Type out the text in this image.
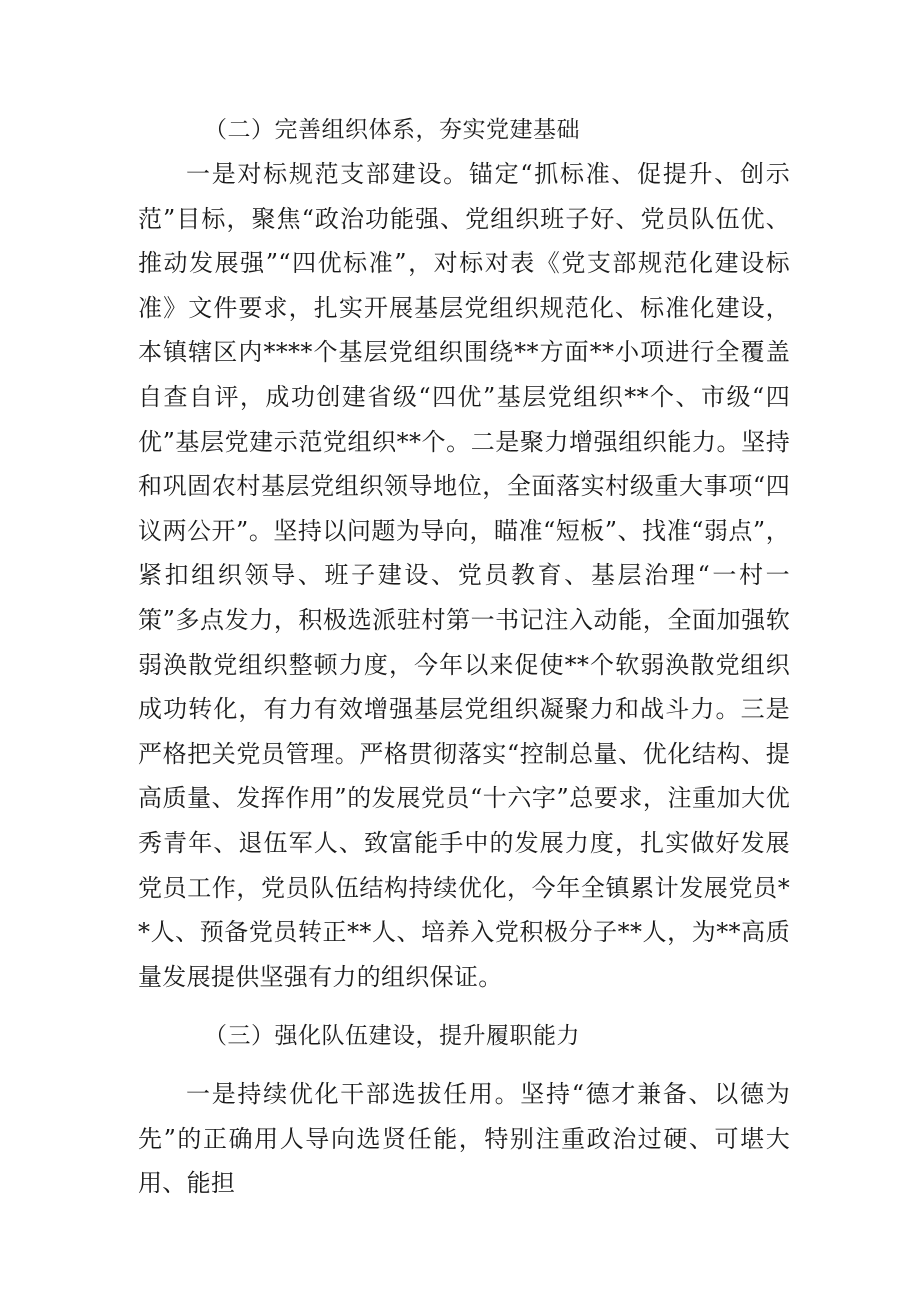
（二）完善组织体系，夯实党建基础

一是对标规范支部建设。锚定“抓标准、促提升、创示范”目标，聚焦“政治功能强、党组织班子好、党员队伍优、推动发展强”“四优标准”，对标对表《党支部规范化建设标准》文件要求，扎实开展基层党组织规范化、标准化建设，本镇辖区内****个基层党组织围绕**方面**小项进行全覆盖自查自评，成功创建省级“四优”基层党组织**个、市级“四优”基层党建示范党组织**个。二是聚力增强组织能力。坚持和巩固农村基层党组织领导地位，全面落实村级重大事项“四议两公开”。坚持以问题为导向，瞄准“短板”、找准“弱点”，紧扣组织领导、班子建设、党员教育、基层治理“一村一策”多点发力，积极选派驻村第一书记注入动能，全面加强软弱涣散党组织整顿力度，今年以来促使**个软弱涣散党组织成功转化，有力有效增强基层党组织凝聚力和战斗力。三是严格把关党员管理。严格贯彻落实“控制总量、优化结构、提高质量、发挥作用”的发展党员“十六字”总要求，注重加大优秀青年、退伍军人、致富能手中的发展力度，扎实做好发展党员工作，党员队伍结构持续优化，今年全镇累计发展党员**人、预备党员转正**人、培养入党积极分子**人，为**高质量发展提供坚强有力的组织保证。

（三）强化队伍建设，提升履职能力

一是持续优化干部选拔任用。坚持“德才兼备、以德为先”的正确用人导向选贤任能，特别注重政治过硬、可堪大用、能担
